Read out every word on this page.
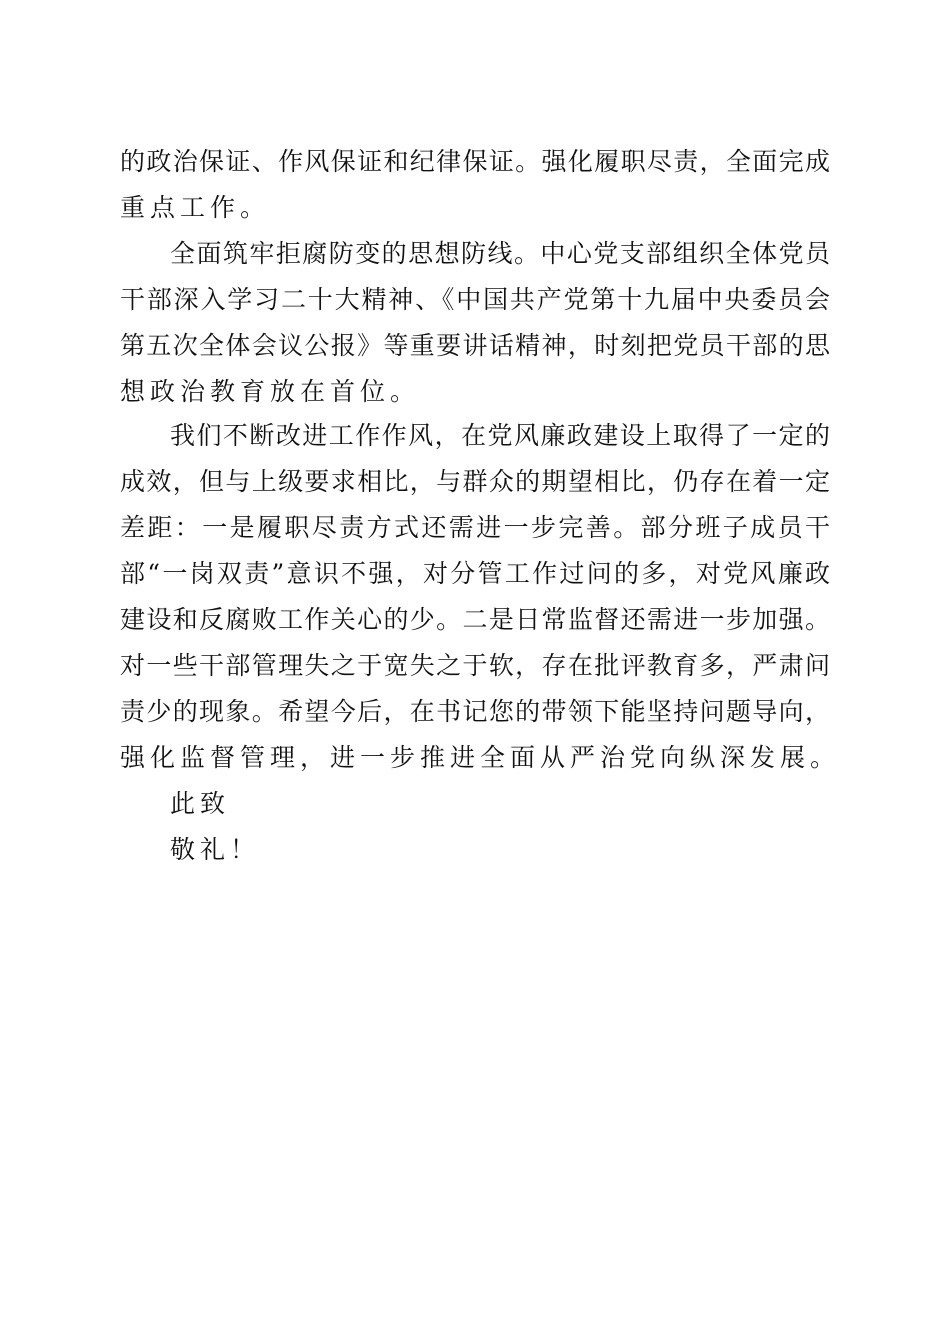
的政治保证、作风保证和纪律保证。强化履职尽责，全面完成
重点工作。
全面筑牢拒腐防变的思想防线。中心党支部组织全体党员
干部深入学习二十大精神、《中国共产党第十九届中央委员会
第五次全体会议公报》等重要讲话精神，时刻把党员干部的思
想政治教育放在首位。
我们不断改进工作作风，在党风廉政建设上取得了一定的
成效，但与上级要求相比，与群众的期望相比，仍存在着一定
差距：一是履职尽责方式还需进一步完善。部分班子成员干
部“一岗双责”意识不强，对分管工作过问的多，对党风廉政
建设和反腐败工作关心的少。二是日常监督还需进一步加强。
对一些干部管理失之于宽失之于软，存在批评教育多，严肃问
责少的现象。希望今后，在书记您的带领下能坚持问题导向，
强化监督管理，进一步推进全面从严治党向纵深发展。
此致
敬礼！
